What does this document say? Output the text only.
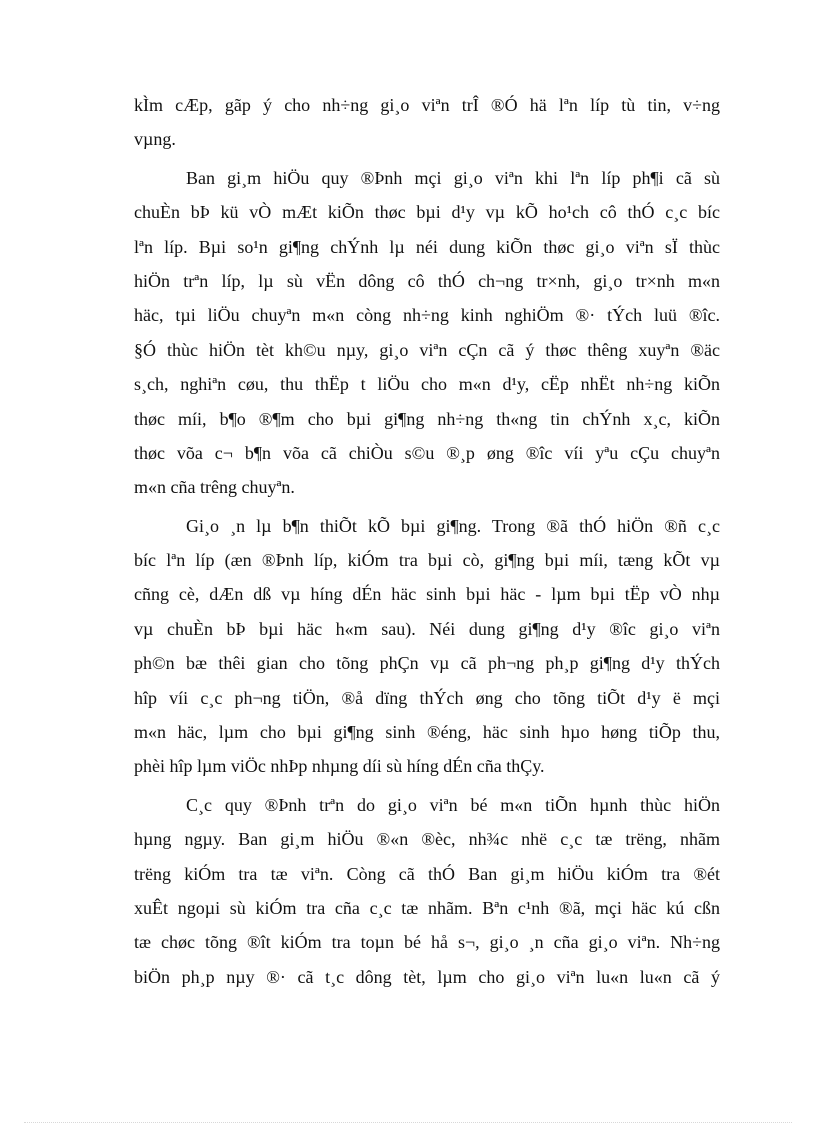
kÌm cÆp, gãp ý cho nh÷ng gi¸o viªn trÎ ®Ó hä lªn líp tù tin, v÷ng
vµng.
Ban gi¸m hiÖu quy ®Þnh mçi gi¸o viªn khi lªn líp ph¶i cã sù
chuÈn bÞ kü vÒ mÆt kiÕn thøc bµi d¹y vµ kÕ ho¹ch cô thÓ c¸c bíc
lªn líp. Bµi so¹n gi¶ng chÝnh lµ néi dung kiÕn thøc gi¸o viªn sÏ thùc
hiÖn trªn líp, lµ sù vËn dông cô thÓ ch¬ng tr×nh, gi¸o tr×nh m«n
häc, tµi liÖu chuyªn m«n còng nh÷ng kinh nghiÖm ®· tÝch luü ®îc.
§Ó thùc hiÖn tèt kh©u nµy, gi¸o viªn cÇn cã ý thøc thêng xuyªn ®äc
s¸ch, nghiªn cøu, thu thËp t liÖu cho m«n d¹y, cËp nhËt nh÷ng kiÕn
thøc míi, b¶o ®¶m cho bµi gi¶ng nh÷ng th«ng tin chÝnh x¸c, kiÕn
thøc võa c¬ b¶n võa cã chiÒu s©u ®¸p øng ®îc víi yªu cÇu chuyªn
m«n cña trêng chuyªn.
Gi¸o ¸n lµ b¶n thiÕt kÕ bµi gi¶ng. Trong ®ã thÓ hiÖn ®ñ c¸c
bíc lªn líp (æn ®Þnh líp, kiÓm tra bµi cò, gi¶ng bµi míi, tæng kÕt vµ
cñng cè, dÆn dß vµ híng dÉn häc sinh bµi häc - lµm bµi tËp vÒ nhµ
vµ chuÈn bÞ bµi häc h«m sau). Néi dung gi¶ng d¹y ®îc gi¸o viªn
ph©n bæ thêi gian cho tõng phÇn vµ cã ph¬ng ph¸p gi¶ng d¹y thÝch
hîp víi c¸c ph¬ng tiÖn, ®å dïng thÝch øng cho tõng tiÕt d¹y ë mçi
m«n häc, lµm cho bµi gi¶ng sinh ®éng, häc sinh hµo høng tiÕp thu,
phèi hîp lµm viÖc nhÞp nhµng díi sù híng dÉn cña thÇy.
C¸c quy ®Þnh trªn do gi¸o viªn bé m«n tiÕn hµnh thùc hiÖn
hµng ngµy. Ban gi¸m hiÖu ®«n ®èc, nh¾c nhë c¸c tæ trëng, nhãm
trëng kiÓm tra tæ viªn. Còng cã thÓ Ban gi¸m hiÖu kiÓm tra ®ét
xuÊt ngoµi sù kiÓm tra cña c¸c tæ nhãm. Bªn c¹nh ®ã, mçi häc kú cßn
tæ chøc tõng ®ît kiÓm tra toµn bé hå s¬, gi¸o ¸n cña gi¸o viªn. Nh÷ng
biÖn ph¸p nµy ®· cã t¸c dông tèt, lµm cho gi¸o viªn lu«n lu«n cã ý
